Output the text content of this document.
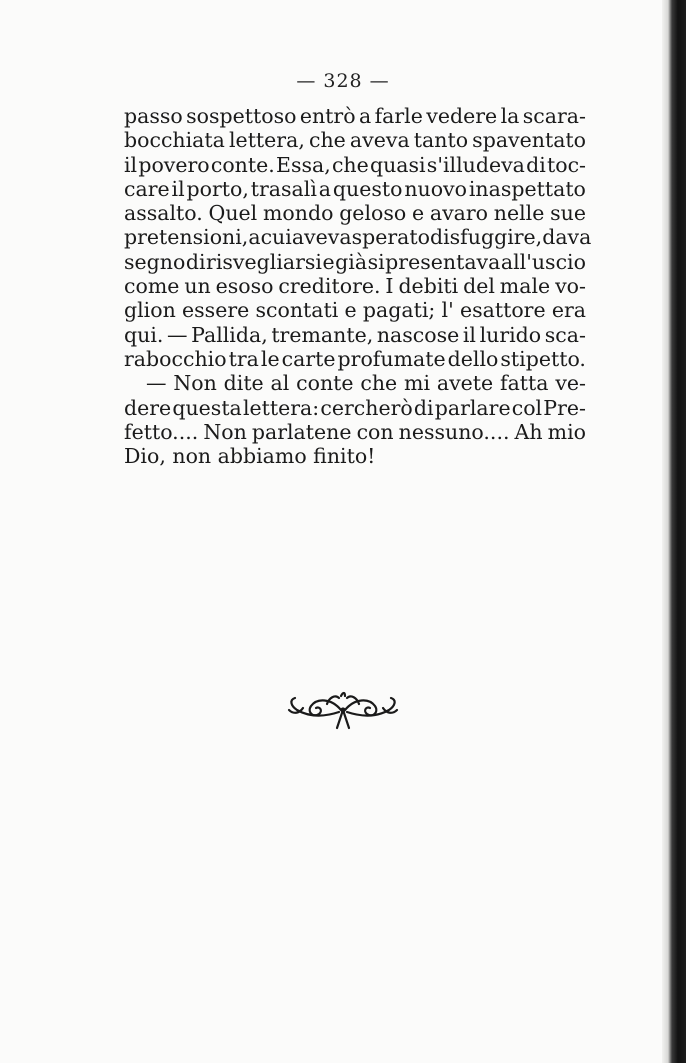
— 328 —
passo sospettoso entrò a farle vedere la scara-
bocchiata lettera, che aveva tanto spaventato
il povero conte. Essa, che quasi s'illudeva di toc-
care il porto, trasalì a questo nuovo inaspettato
assalto. Quel mondo geloso e avaro nelle sue
pretensioni, a cui aveva sperato di sfuggire, dava
segno di risvegliarsi e già si presentava all'uscio
come un esoso creditore. I debiti del male vo-
glion essere scontati e pagati; l' esattore era
qui. — Pallida, tremante, nascose il lurido sca-
rabocchio tra le carte profumate dello stipetto.
— Non dite al conte che mi avete fatta ve-
dere questa lettera: cercherò di parlare col Pre-
fetto.... Non parlatene con nessuno.... Ah mio
Dio, non abbiamo finito!
